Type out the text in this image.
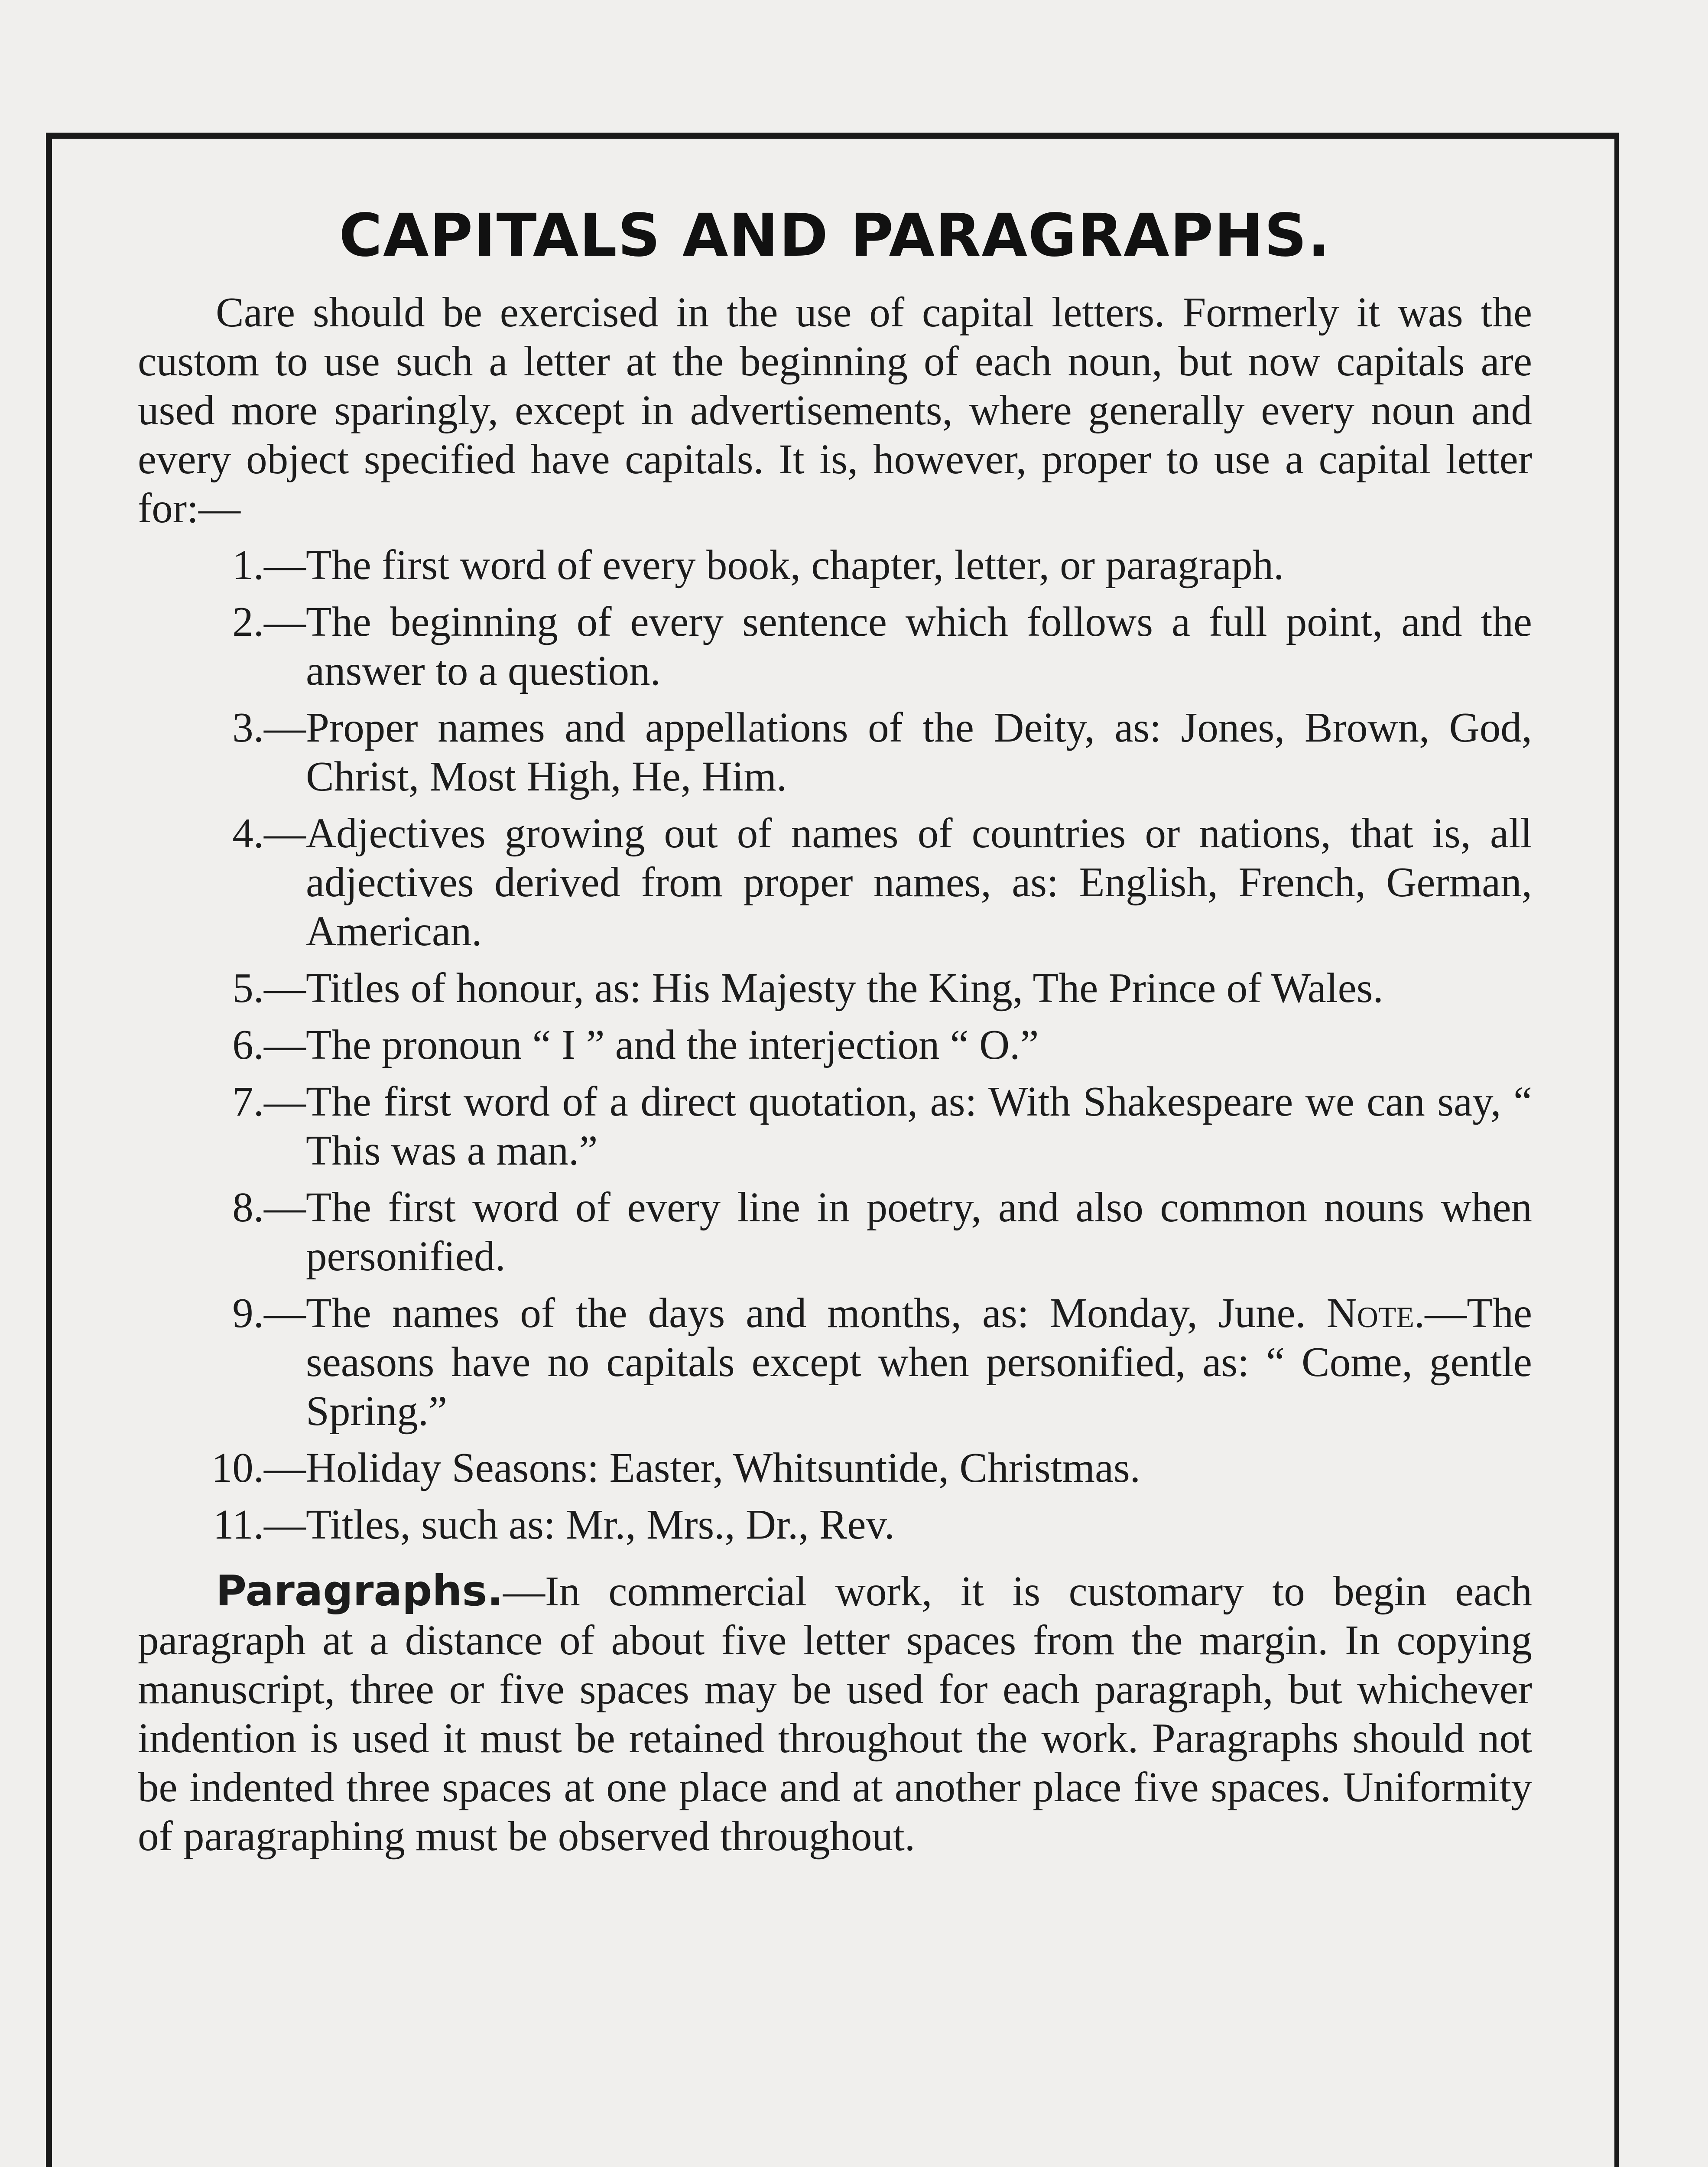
CAPITALS AND PARAGRAPHS.

Care should be exercised in the use of capital letters. Formerly it was the custom to use such a letter at the beginning of each noun, but now capitals are used more sparingly, except in advertisements, where generally every noun and every object specified have capitals. It is, however, proper to use a capital letter for:—

1.— The first word of every book, chapter, letter, or paragraph.
2.— The beginning of every sentence which follows a full point, and the answer to a question.
3.— Proper names and appellations of the Deity, as: Jones, Brown, God, Christ, Most High, He, Him.
4.— Adjectives growing out of names of countries or nations, that is, all adjectives derived from proper names, as: English, French, German, American.
5.— Titles of honour, as: His Majesty the King, The Prince of Wales.
6.— The pronoun “ I ” and the interjection “ O.”
7.— The first word of a direct quotation, as: With Shakespeare we can say, “ This was a man.”
8.— The first word of every line in poetry, and also common nouns when personified.
9.— The names of the days and months, as: Monday, June. Note.—The seasons have no capitals except when personified, as: “ Come, gentle Spring.”
10.— Holiday Seasons: Easter, Whitsuntide, Christmas.
11.— Titles, such as: Mr., Mrs., Dr., Rev.

Paragraphs.—In commercial work, it is customary to begin each paragraph at a distance of about five letter spaces from the margin. In copying manuscript, three or five spaces may be used for each paragraph, but whichever indention is used it must be retained throughout the work. Paragraphs should not be indented three spaces at one place and at another place five spaces. Uniformity of paragraphing must be observed throughout.
